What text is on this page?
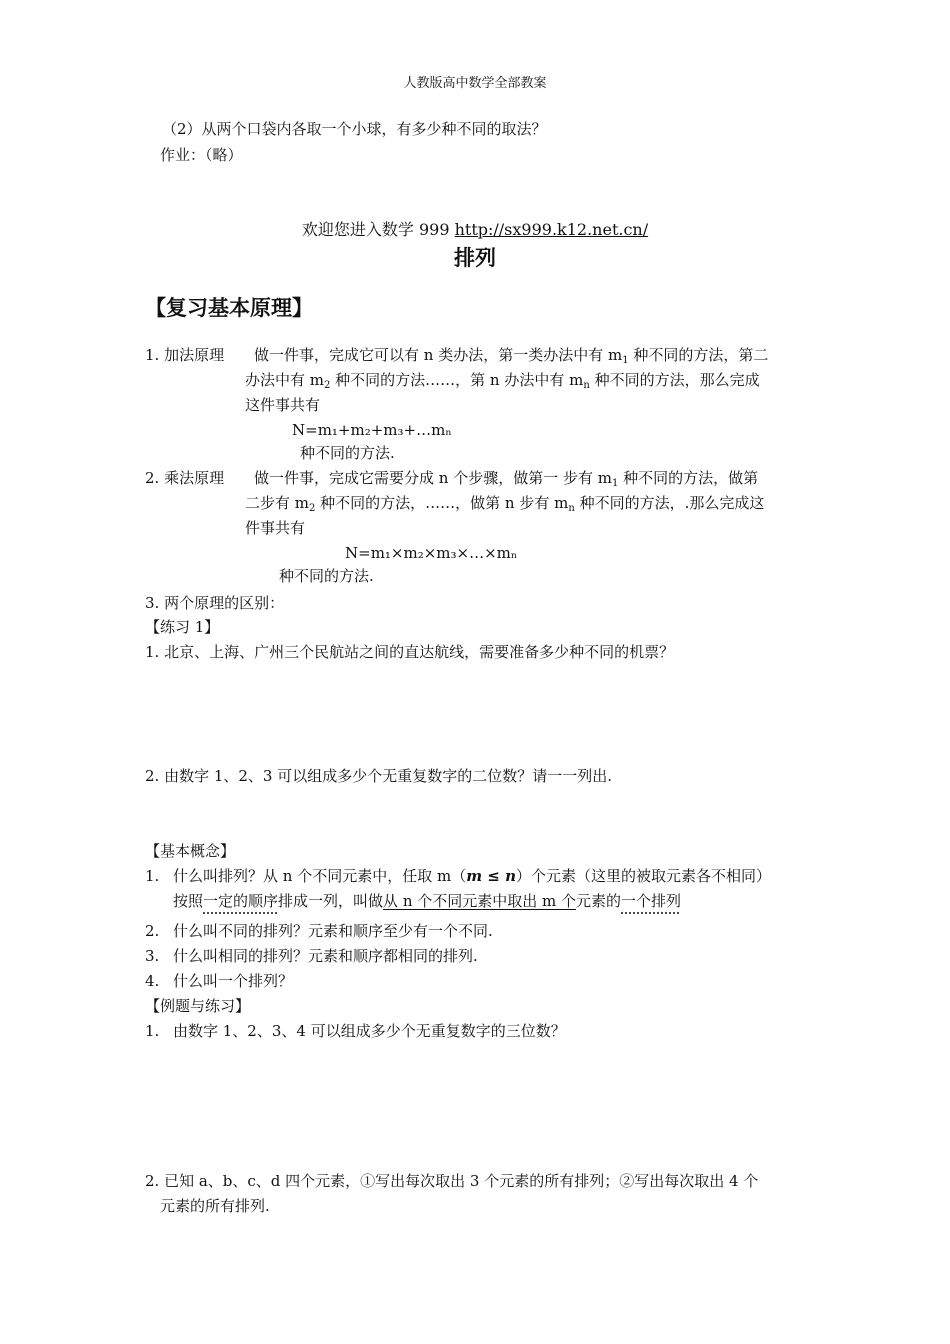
人教版高中数学全部教案
（2）从两个口袋内各取一个小球，有多少种不同的取法？
作业：（略）
欢迎您进入数学 999 http://sx999.k12.net.cn/
排列
【复习基本原理】
1. 加法原理 做一件事，完成它可以有 n 类办法，第一类办法中有 $m_1$ 种不同的方法，第二
办法中有 $m_2$ 种不同的方法……，第 n 办法中有 $m_n$ 种不同的方法，那么完成
这件事共有
N=m₁+m₂+m₃+…mₙ
种不同的方法.
2. 乘法原理 做一件事，完成它需要分成 n 个步骤，做第一 步有 $m_1$ 种不同的方法，做第
二步有 $m_2$ 种不同的方法，……，做第 n 步有 $m_n$ 种不同的方法，.那么完成这
件事共有
N=m₁×m₂×m₃×…×mₙ
种不同的方法.
3. 两个原理的区别：
【练习 1】
1. 北京、上海、广州三个民航站之间的直达航线，需要准备多少种不同的机票？
2. 由数字 1、2、3 可以组成多少个无重复数字的二位数？请一一列出.
【基本概念】
1. 什么叫排列？从 n 个不同元素中，任取 m（m ≤ n）个元素（这里的被取元素各不相同）
按照一定的顺序排成一列，叫做从 n 个不同元素中取出 m 个元素的一个排列
2. 什么叫不同的排列？元素和顺序至少有一个不同.
3. 什么叫相同的排列？元素和顺序都相同的排列.
4. 什么叫一个排列？
【例题与练习】
1. 由数字 1、2、3、4 可以组成多少个无重复数字的三位数？
2. 已知 a、b、c、d 四个元素，①写出每次取出 3 个元素的所有排列；②写出每次取出 4 个
元素的所有排列.
